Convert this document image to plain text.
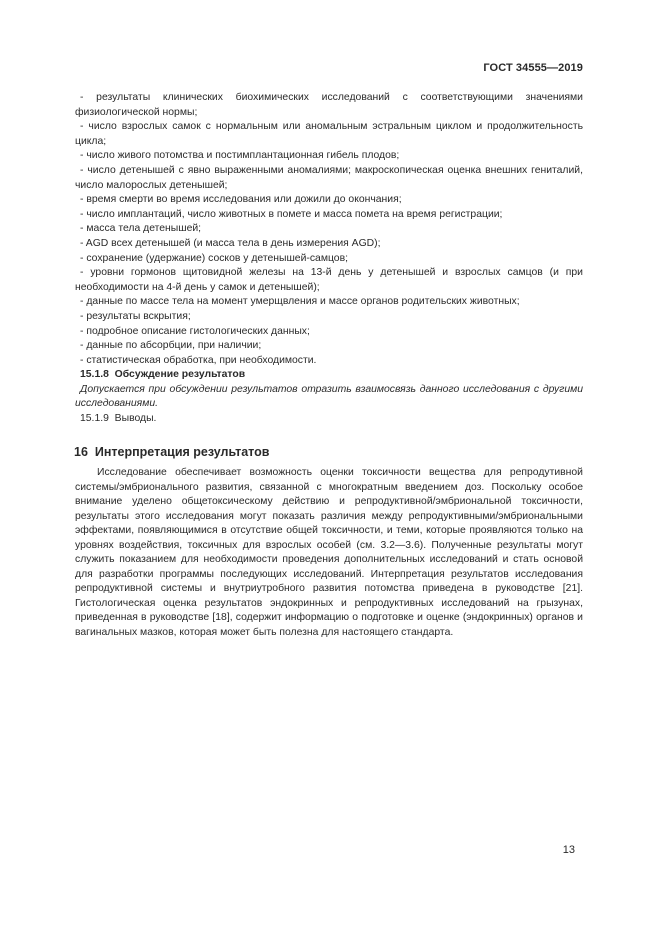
ГОСТ 34555—2019

- результаты клинических биохимических исследований с соответствующими значениями физиологической нормы;

- число взрослых самок с нормальным или аномальным эстральным циклом и продолжительность цикла;

- число живого потомства и постимплантационная гибель плодов;

- число детенышей с явно выраженными аномалиями; макроскопическая оценка внешних гениталий, число малорослых детенышей;

- время смерти во время исследования или дожили до окончания;

- число имплантаций, число животных в помете и масса помета на время регистрации;

- масса тела детенышей;

- AGD всех детенышей (и масса тела в день измерения AGD);

- сохранение (удержание) сосков у детенышей-самцов;

- уровни гормонов щитовидной железы на 13-й день у детенышей и взрослых самцов (и при необходимости на 4-й день у самок и детенышей);

- данные по массе тела на момент умерщвления и массе органов родительских животных;

- результаты вскрытия;

- подробное описание гистологических данных;

- данные по абсорбции, при наличии;

- статистическая обработка, при необходимости.

15.1.8 Обсуждение результатов

Допускается при обсуждении результатов отразить взаимосвязь данного исследования с другими исследованиями.

15.1.9 Выводы.

16 Интерпретация результатов

Исследование обеспечивает возможность оценки токсичности вещества для репродутивной системы/эмбрионального развития, связанной с многократным введением доз. Поскольку особое внимание уделено общетоксическому действию и репродуктивной/эмбриональной токсичности, результаты этого исследования могут показать различия между репродуктивными/эмбриональными эффектами, появляющимися в отсутствие общей токсичности, и теми, которые проявляются только на уровнях воздействия, токсичных для взрослых особей (см. 3.2—3.6). Полученные результаты могут служить показанием для необходимости проведения дополнительных исследований и стать основой для разработки программы последующих исследований. Интерпретация результатов исследования репродуктивной системы и внутриутробного развития потомства приведена в руководстве [21]. Гистологическая оценка результатов эндокринных и репродуктивных исследований на грызунах, приведенная в руководстве [18], содержит информацию о подготовке и оценке (эндокринных) органов и вагинальных мазков, которая может быть полезна для настоящего стандарта.

13
